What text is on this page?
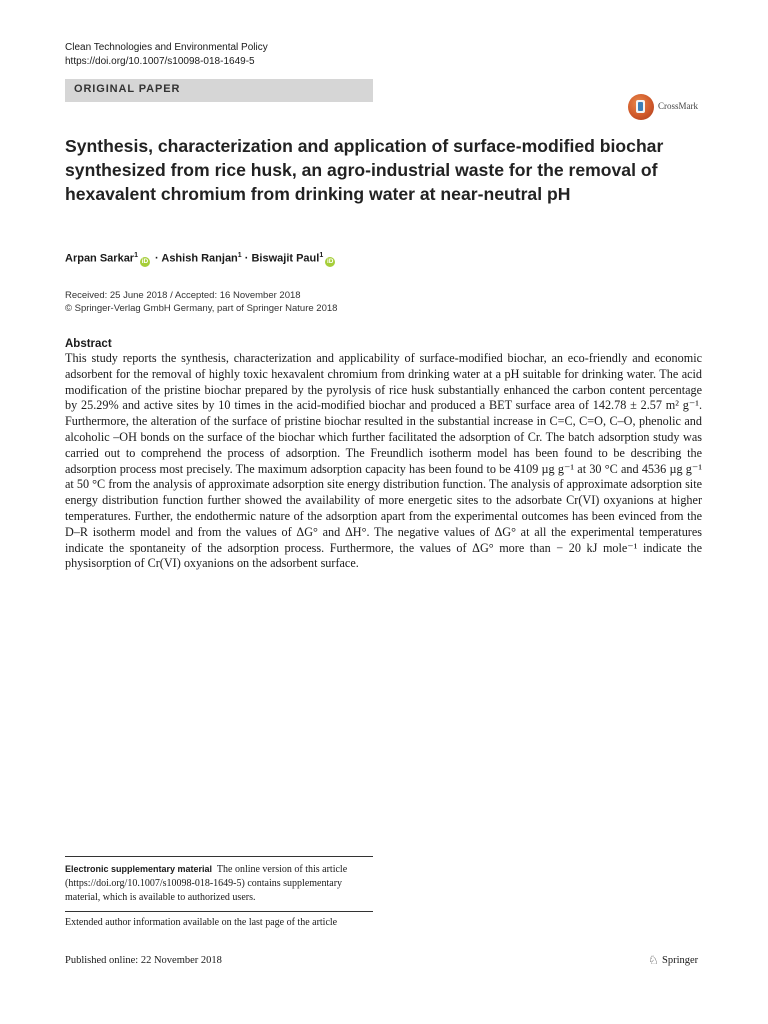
Clean Technologies and Environmental Policy
https://doi.org/10.1007/s10098-018-1649-5
ORIGINAL PAPER
CrossMark
Synthesis, characterization and application of surface-modified biochar synthesized from rice husk, an agro-industrial waste for the removal of hexavalent chromium from drinking water at near-neutral pH
Arpan Sarkar$^1$iD · Ashish Ranjan$^1$ · Biswajit Paul$^1$iD
Received: 25 June 2018 / Accepted: 16 November 2018
© Springer-Verlag GmbH Germany, part of Springer Nature 2018
Abstract
This study reports the synthesis, characterization and applicability of surface-modified biochar, an eco-friendly and economic adsorbent for the removal of highly toxic hexavalent chromium from drinking water at a pH suitable for drinking water. The acid modification of the pristine biochar prepared by the pyrolysis of rice husk substantially enhanced the carbon content percentage by 25.29% and active sites by 10 times in the acid-modified biochar and produced a BET surface area of 142.78 ± 2.57 m² g⁻¹. Furthermore, the alteration of the surface of pristine biochar resulted in the substantial increase in C=C, C=O, C–O, phenolic and alcoholic –OH bonds on the surface of the biochar which further facilitated the adsorption of Cr. The batch adsorption study was carried out to comprehend the process of adsorption. The Freundlich isotherm model has been found to be describing the adsorption process most precisely. The maximum adsorption capacity has been found to be 4109 µg g⁻¹ at 30 °C and 4536 µg g⁻¹ at 50 °C from the analysis of approximate adsorption site energy distribution function. The analysis of approximate adsorption site energy distribution function further showed the availability of more energetic sites to the adsorbate Cr(VI) oxyanions at higher temperatures. Further, the endothermic nature of the adsorption apart from the experimental outcomes has been evinced from the D–R isotherm model and from the values of ΔG° and ΔH°. The negative values of ΔG° at all the experimental temperatures indicate the spontaneity of the adsorption process. Furthermore, the values of ΔG° more than − 20 kJ mole⁻¹ indicate the physisorption of Cr(VI) oxyanions on the adsorbent surface.
Electronic supplementary material The online version of this article (https://doi.org/10.1007/s10098-018-1649-5) contains supplementary material, which is available to authorized users.
Extended author information available on the last page of the article
Published online: 22 November 2018	♘ Springer
